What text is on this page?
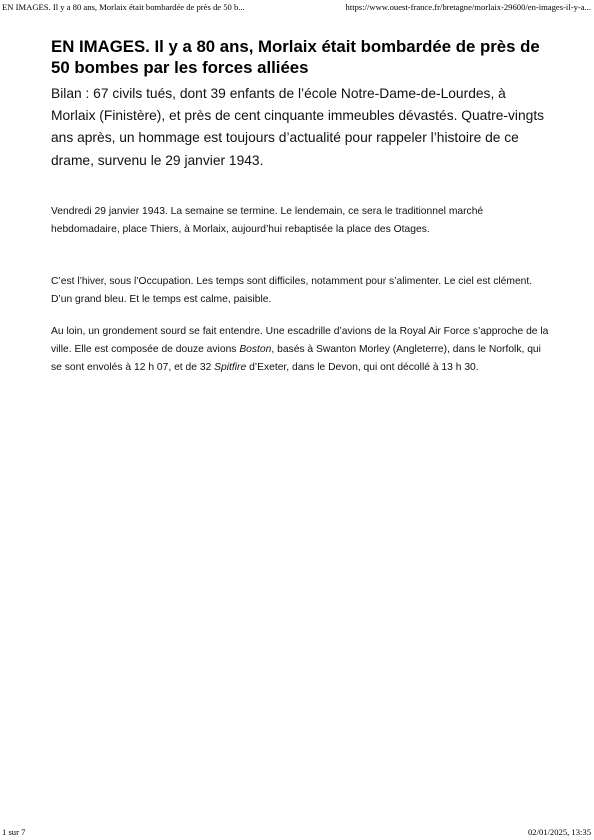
EN IMAGES. Il y a 80 ans, Morlaix était bombardée de près de 50 b...	https://www.ouest-france.fr/bretagne/morlaix-29600/en-images-il-y-a...
EN IMAGES. Il y a 80 ans, Morlaix était bombardée de près de 50 bombes par les forces alliées

Bilan : 67 civils tués, dont 39 enfants de l’école Notre-Dame-de-Lourdes, à Morlaix (Finistère), et près de cent cinquante immeubles dévastés. Quatre-vingts ans après, un hommage est toujours d’actualité pour rappeler l’histoire de ce drame, survenu le 29 janvier 1943.

Vendredi 29 janvier 1943. La semaine se termine. Le lendemain, ce sera le traditionnel marché hebdomadaire, place Thiers, à Morlaix, aujourd’hui rebaptisée la place des Otages.

C’est l’hiver, sous l’Occupation. Les temps sont difficiles, notamment pour s’alimenter. Le ciel est clément. D’un grand bleu. Et le temps est calme, paisible.

Au loin, un grondement sourd se fait entendre. Une escadrille d’avions de la Royal Air Force s’approche de la ville. Elle est composée de douze avions Boston, basés à Swanton Morley (Angleterre), dans le Norfolk, qui se sont envolés à 12 h 07, et de 32 Spitfire d’Exeter, dans le Devon, qui ont décollé à 13 h 30.

1 sur 7	02/01/2025, 13:35
